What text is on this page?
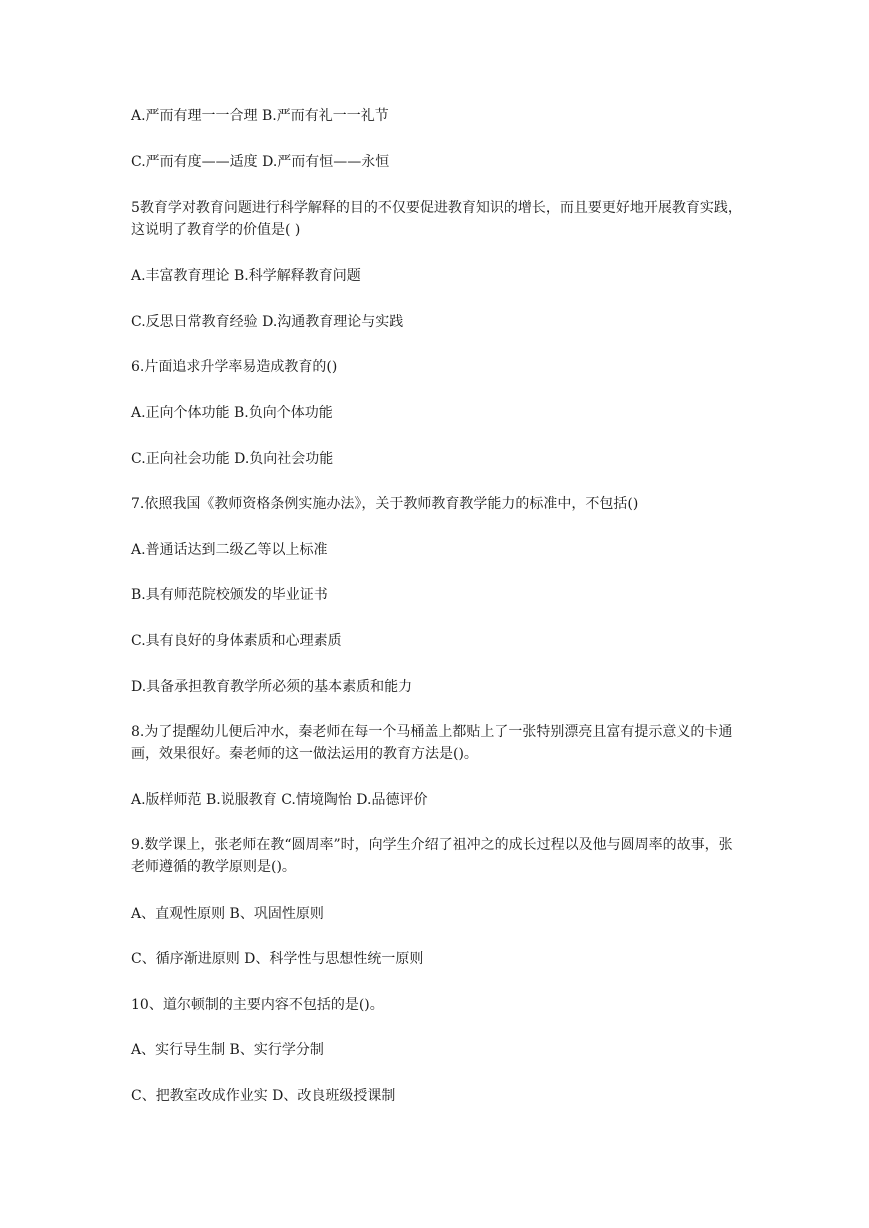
A.严而有理一一合理 B.严而有礼一一礼节

C.严而有度——适度 D.严而有恒——永恒

5教育学对教育问题进行科学解释的目的不仅要促进教育知识的增长，而且要更好地开展教育实践，这说明了教育学的价值是( )

A.丰富教育理论 B.科学解释教育问题

C.反思日常教育经验 D.沟通教育理论与实践

6.片面追求升学率易造成教育的()

A.正向个体功能 B.负向个体功能

C.正向社会功能 D.负向社会功能

7.依照我国《教师资格条例实施办法》，关于教师教育教学能力的标准中，不包括()

A.普通话达到二级乙等以上标准

B.具有师范院校颁发的毕业证书

C.具有良好的身体素质和心理素质

D.具备承担教育教学所必须的基本素质和能力

8.为了提醒幼儿便后冲水，秦老师在每一个马桶盖上都贴上了一张特别漂亮且富有提示意义的卡通画，效果很好。秦老师的这一做法运用的教育方法是()。

A.版样师范 B.说服教育 C.情境陶怡 D.品德评价

9.数学课上，张老师在教“圆周率”时，向学生介绍了祖冲之的成长过程以及他与圆周率的故事，张老师遵循的教学原则是()。

A、直观性原则 B、巩固性原则

C、循序渐进原则 D、科学性与思想性统一原则

10、道尔顿制的主要内容不包括的是()。

A、实行导生制 B、实行学分制

C、把教室改成作业实 D、改良班级授课制
